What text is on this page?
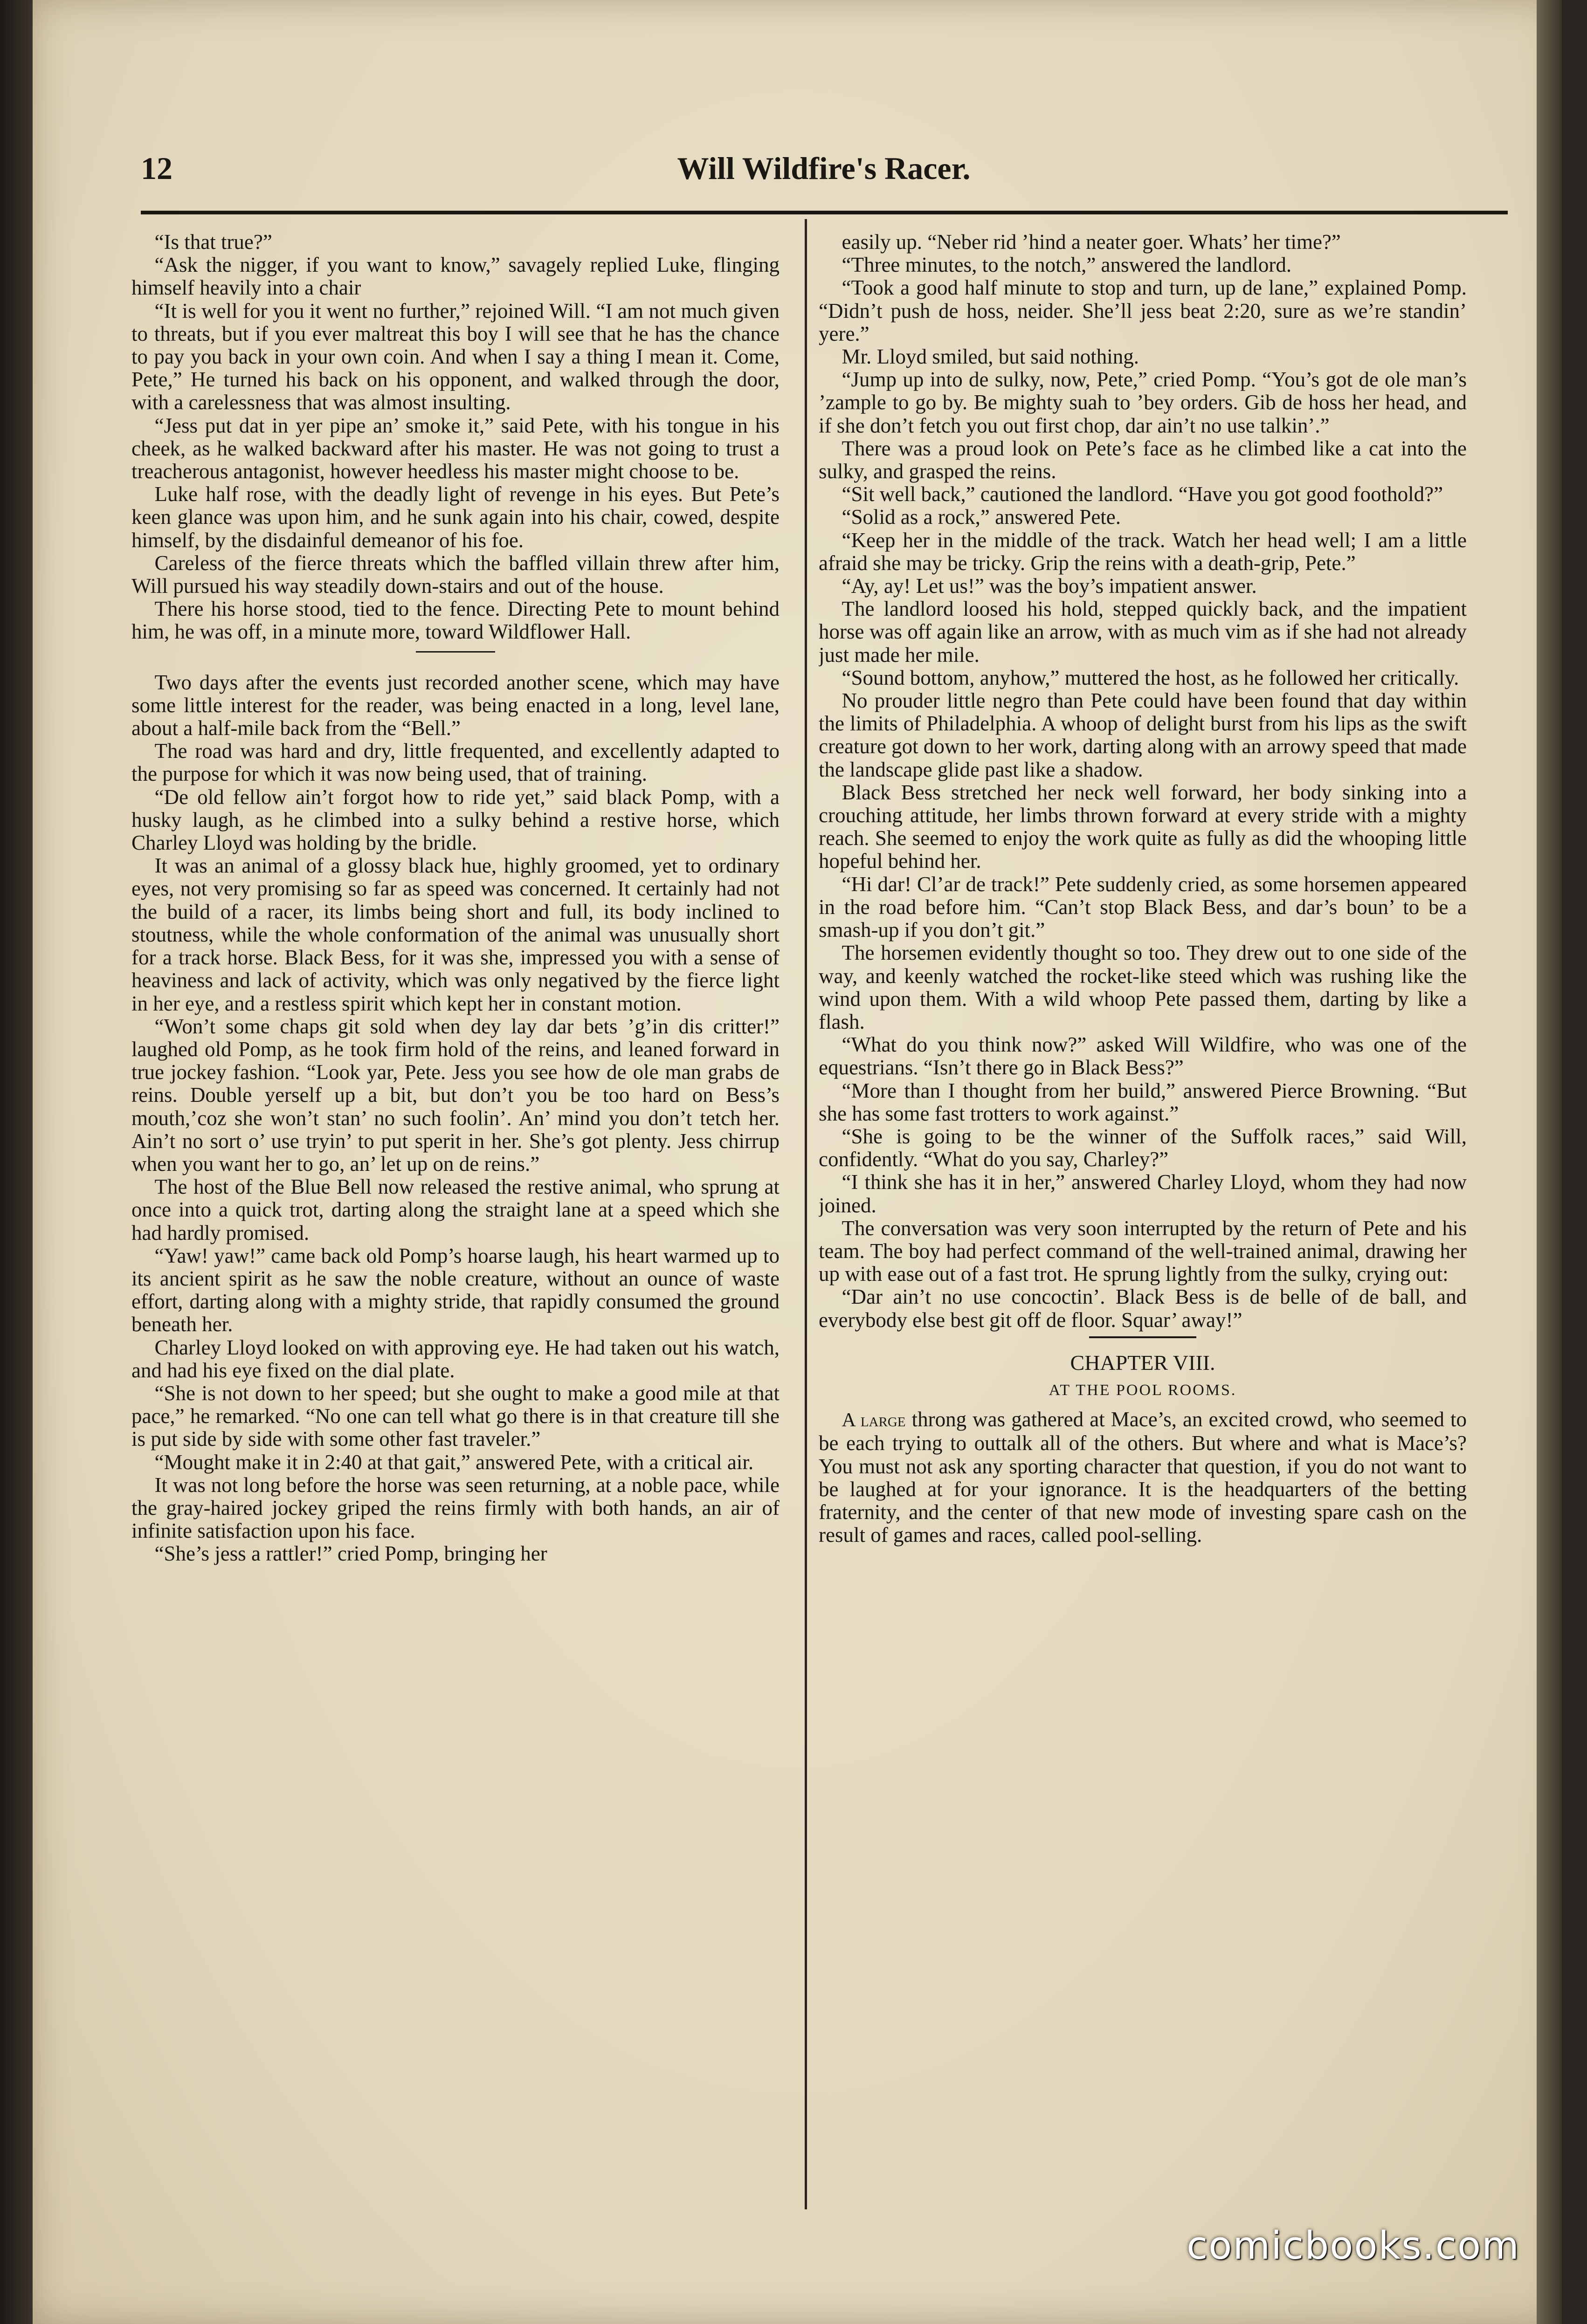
12	Will Wildfire's Racer.

“Is that true?”

“Ask the nigger, if you want to know,” savagely replied Luke, flinging himself heavily into a chair

“It is well for you it went no further,” rejoined Will. “I am not much given to threats, but if you ever maltreat this boy I will see that he has the chance to pay you back in your own coin. And when I say a thing I mean it. Come, Pete,” He turned his back on his opponent, and walked through the door, with a carelessness that was almost insulting.

“Jess put dat in yer pipe an’ smoke it,” said Pete, with his tongue in his cheek, as he walked backward after his master. He was not going to trust a treacherous antagonist, however heedless his master might choose to be.

Luke half rose, with the deadly light of revenge in his eyes. But Pete’s keen glance was upon him, and he sunk again into his chair, cowed, despite himself, by the disdainful demeanor of his foe.

Careless of the fierce threats which the baffled villain threw after him, Will pursued his way steadily down-stairs and out of the house.

There his horse stood, tied to the fence. Directing Pete to mount behind him, he was off, in a minute more, toward Wildflower Hall.

Two days after the events just recorded another scene, which may have some little interest for the reader, was being enacted in a long, level lane, about a half-mile back from the “Bell.”

The road was hard and dry, little frequented, and excellently adapted to the purpose for which it was now being used, that of training.

“De old fellow ain’t forgot how to ride yet,” said black Pomp, with a husky laugh, as he climbed into a sulky behind a restive horse, which Charley Lloyd was holding by the bridle.

It was an animal of a glossy black hue, highly groomed, yet to ordinary eyes, not very promising so far as speed was concerned. It certainly had not the build of a racer, its limbs being short and full, its body inclined to stoutness, while the whole conformation of the animal was unusually short for a track horse. Black Bess, for it was she, impressed you with a sense of heaviness and lack of activity, which was only negatived by the fierce light in her eye, and a restless spirit which kept her in constant motion.

“Won’t some chaps git sold when dey lay dar bets ’g’in dis critter!” laughed old Pomp, as he took firm hold of the reins, and leaned forward in true jockey fashion. “Look yar, Pete. Jess you see how de ole man grabs de reins. Double yerself up a bit, but don’t you be too hard on Bess’s mouth,’coz she won’t stan’ no such foolin’. An’ mind you don’t tetch her. Ain’t no sort o’ use tryin’ to put sperit in her. She’s got plenty. Jess chirrup when you want her to go, an’ let up on de reins.”

The host of the Blue Bell now released the restive animal, who sprung at once into a quick trot, darting along the straight lane at a speed which she had hardly promised.

“Yaw! yaw!” came back old Pomp’s hoarse laugh, his heart warmed up to its ancient spirit as he saw the noble creature, without an ounce of waste effort, darting along with a mighty stride, that rapidly consumed the ground beneath her.

Charley Lloyd looked on with approving eye. He had taken out his watch, and had his eye fixed on the dial plate.

“She is not down to her speed; but she ought to make a good mile at that pace,” he remarked. “No one can tell what go there is in that creature till she is put side by side with some other fast traveler.”

“Mought make it in 2:40 at that gait,” answered Pete, with a critical air.

It was not long before the horse was seen returning, at a noble pace, while the gray-haired jockey griped the reins firmly with both hands, an air of infinite satisfaction upon his face.

“She’s jess a rattler!” cried Pomp, bringing her

easily up. “Neber rid ’hind a neater goer. Whats’ her time?”

“Three minutes, to the notch,” answered the landlord.

“Took a good half minute to stop and turn, up de lane,” explained Pomp. “Didn’t push de hoss, neider. She’ll jess beat 2:20, sure as we’re standin’ yere.”

Mr. Lloyd smiled, but said nothing.

“Jump up into de sulky, now, Pete,” cried Pomp. “You’s got de ole man’s ’zample to go by. Be mighty suah to ’bey orders. Gib de hoss her head, and if she don’t fetch you out first chop, dar ain’t no use talkin’.”

There was a proud look on Pete’s face as he climbed like a cat into the sulky, and grasped the reins.

“Sit well back,” cautioned the landlord. “Have you got good foothold?”

“Solid as a rock,” answered Pete.

“Keep her in the middle of the track. Watch her head well; I am a little afraid she may be tricky. Grip the reins with a death-grip, Pete.”

“Ay, ay! Let us!” was the boy’s impatient answer.

The landlord loosed his hold, stepped quickly back, and the impatient horse was off again like an arrow, with as much vim as if she had not already just made her mile.

“Sound bottom, anyhow,” muttered the host, as he followed her critically.

No prouder little negro than Pete could have been found that day within the limits of Philadelphia. A whoop of delight burst from his lips as the swift creature got down to her work, darting along with an arrowy speed that made the landscape glide past like a shadow.

Black Bess stretched her neck well forward, her body sinking into a crouching attitude, her limbs thrown forward at every stride with a mighty reach. She seemed to enjoy the work quite as fully as did the whooping little hopeful behind her.

“Hi dar! Cl’ar de track!” Pete suddenly cried, as some horsemen appeared in the road before him. “Can’t stop Black Bess, and dar’s boun’ to be a smash-up if you don’t git.”

The horsemen evidently thought so too. They drew out to one side of the way, and keenly watched the rocket-like steed which was rushing like the wind upon them. With a wild whoop Pete passed them, darting by like a flash.

“What do you think now?” asked Will Wildfire, who was one of the equestrians. “Isn’t there go in Black Bess?”

“More than I thought from her build,” answered Pierce Browning. “But she has some fast trotters to work against.”

“She is going to be the winner of the Suffolk races,” said Will, confidently. “What do you say, Charley?”

“I think she has it in her,” answered Charley Lloyd, whom they had now joined.

The conversation was very soon interrupted by the return of Pete and his team. The boy had perfect command of the well-trained animal, drawing her up with ease out of a fast trot. He sprung lightly from the sulky, crying out:

“Dar ain’t no use concoctin’. Black Bess is de belle of de ball, and everybody else best git off de floor. Squar’ away!”

CHAPTER VIII.
AT THE POOL ROOMS.

A large throng was gathered at Mace’s, an excited crowd, who seemed to be each trying to outtalk all of the others. But where and what is Mace’s? You must not ask any sporting character that question, if you do not want to be laughed at for your ignorance. It is the headquarters of the betting fraternity, and the center of that new mode of investing spare cash on the result of games and races, called pool-selling.

comicbooks.com
